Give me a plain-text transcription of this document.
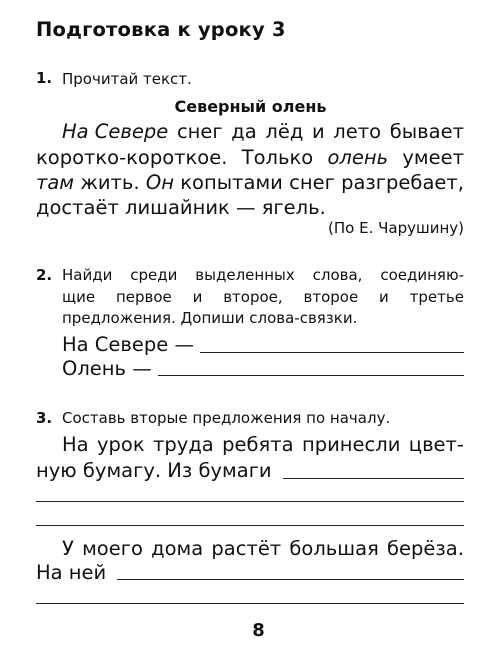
Подготовка к уроку 3
1. Прочитай текст.
Северный олень
На Севере снег да лёд и лето бывает
коротко-короткое. Только олень умеет
там жить. Он копытами снег разгребает,
достаёт лишайник — ягель.
(По Е. Чарушину)
2. Найди среди выделенных слова, соединяю-
щие первое и второе, второе и третье
предложения. Допиши слова-связки.
На Севере —
Олень —
3. Составь вторые предложения по началу.
На урок труда ребята принесли цвет-
ную бумагу. Из бумаги
У моего дома растёт большая берёза.
На ней
8
